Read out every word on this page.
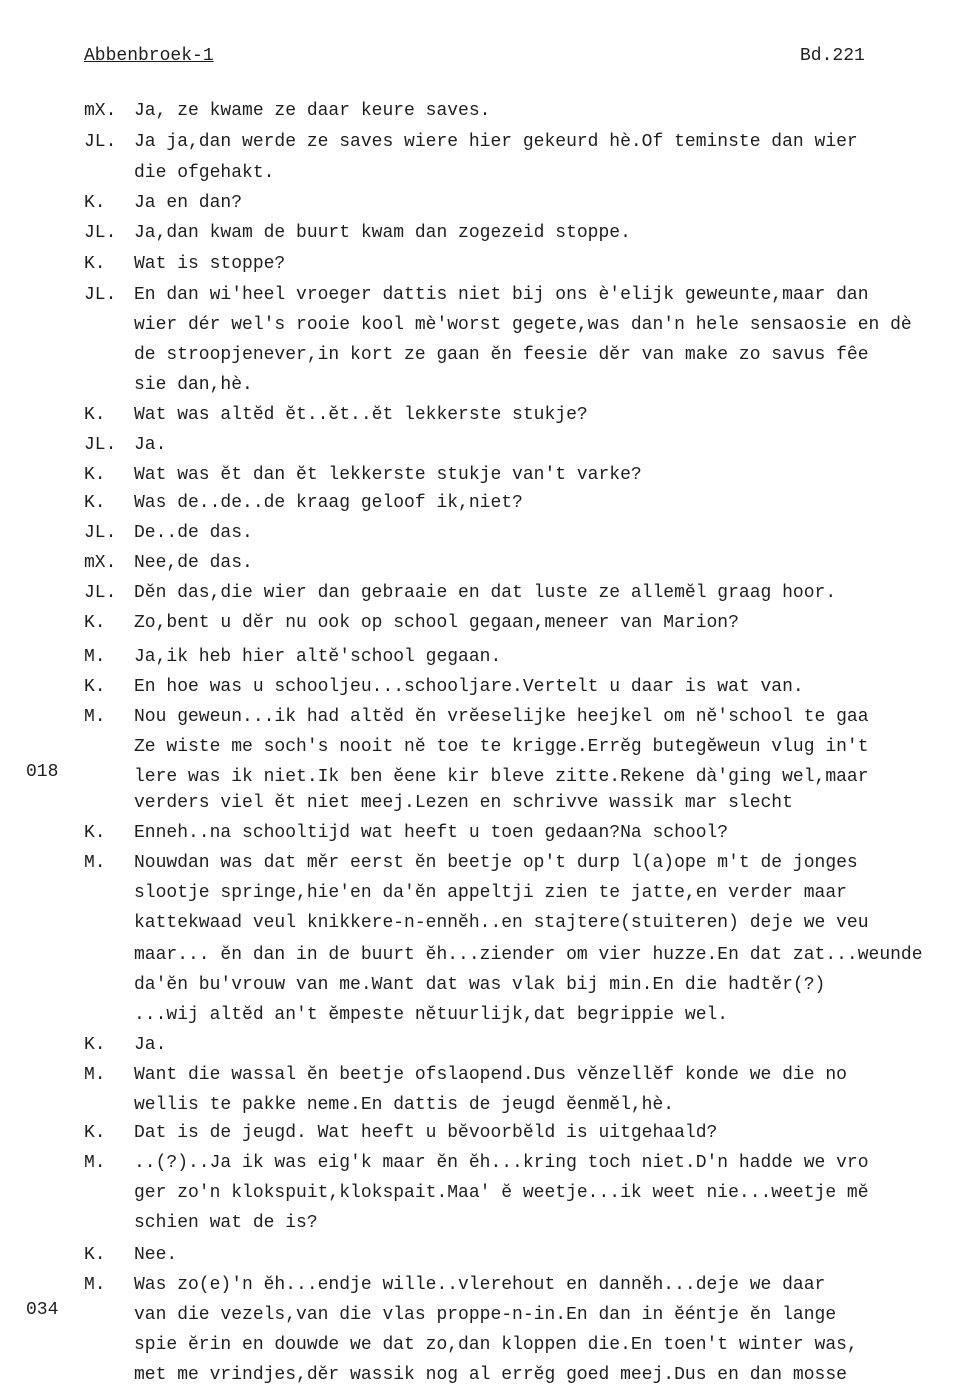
Abbenbroek-1	Bd.221
mX. Ja, ze kwame ze daar keure saves.
JL. Ja ja,dan werde ze saves wiere hier gekeurd hè.Of teminste dan wier
die ofgehakt.
K. Ja en dan?
JL. Ja,dan kwam de buurt kwam dan zogezeid stoppe.
K. Wat is stoppe?
JL. En dan wi'heel vroeger dattis niet bij ons è'elijk geweunte,maar dan
wier dér wel's rooie kool mè'worst gegete,was dan'n hele sensaosie en dè
de stroopjenever,in kort ze gaan ĕn feesie dĕr van make zo savus fêe
sie dan,hè.
K. Wat was altĕd ĕt..ĕt..ĕt lekkerste stukje?
JL. Ja.
K. Wat was ĕt dan ĕt lekkerste stukje van't varke?
K. Was de..de..de kraag geloof ik,niet?
JL. De..de das.
mX. Nee,de das.
JL. Dĕn das,die wier dan gebraaie en dat luste ze allemĕl graag hoor.
K. Zo,bent u dĕr nu ook op school gegaan,meneer van Marion?
M. Ja,ik heb hier altĕ'school gegaan.
K. En hoe was u schooljeu...schooljare.Vertelt u daar is wat van.
M. Nou geweun...ik had altĕd ĕn vrĕeselijke heejkel om nĕ'school te gaa
Ze wiste me soch's nooit nĕ toe te krigge.Errĕg butegĕweun vlug in't
lere was ik niet.Ik ben ĕene kir bleve zitte.Rekene dà'ging wel,maar
verders viel ĕt niet meej.Lezen en schrivve wassik mar slecht
K. Enneh..na schooltijd wat heeft u toen gedaan?Na school?
M. Nouwdan was dat mĕr eerst ĕn beetje op't durp l(a)ope m't de jonges
slootje springe,hie'en da'ĕn appeltji zien te jatte,en verder maar
kattekwaad veul knikkere-n-ennĕh..en stajtere(stuiteren) deje we veu
maar... ĕn dan in de buurt ĕh...ziender om vier huzze.En dat zat...weunde
da'ĕn bu'vrouw van me.Want dat was vlak bij min.En die hadtĕr(?)
...wij altĕd an't ĕmpeste nĕtuurlijk,dat begrippie wel.
K. Ja.
M. Want die wassal ĕn beetje ofslaopend.Dus vĕnzellĕf konde we die no
wellis te pakke neme.En dattis de jeugd ĕenmĕl,hè.
K. Dat is de jeugd. Wat heeft u bĕvoorbĕld is uitgehaald?
M. ..(?)..Ja ik was eig'k maar ĕn ĕh...kring toch niet.D'n hadde we vro
ger zo'n klokspuit,klokspait.Maa' ĕ weetje...ik weet nie...weetje mĕ
schien wat de is?
K. Nee.
M. Was zo(e)'n ĕh...endje wille..vlerehout en dannĕh...deje we daar
van die vezels,van die vlas proppe-n-in.En dan in ĕéntje ĕn lange
spie ĕrin en douwde we dat zo,dan kloppen die.En toen't winter was,
met me vrindjes,dĕr wassik nog al errĕg goed meej.Dus en dan mosse
018
034
